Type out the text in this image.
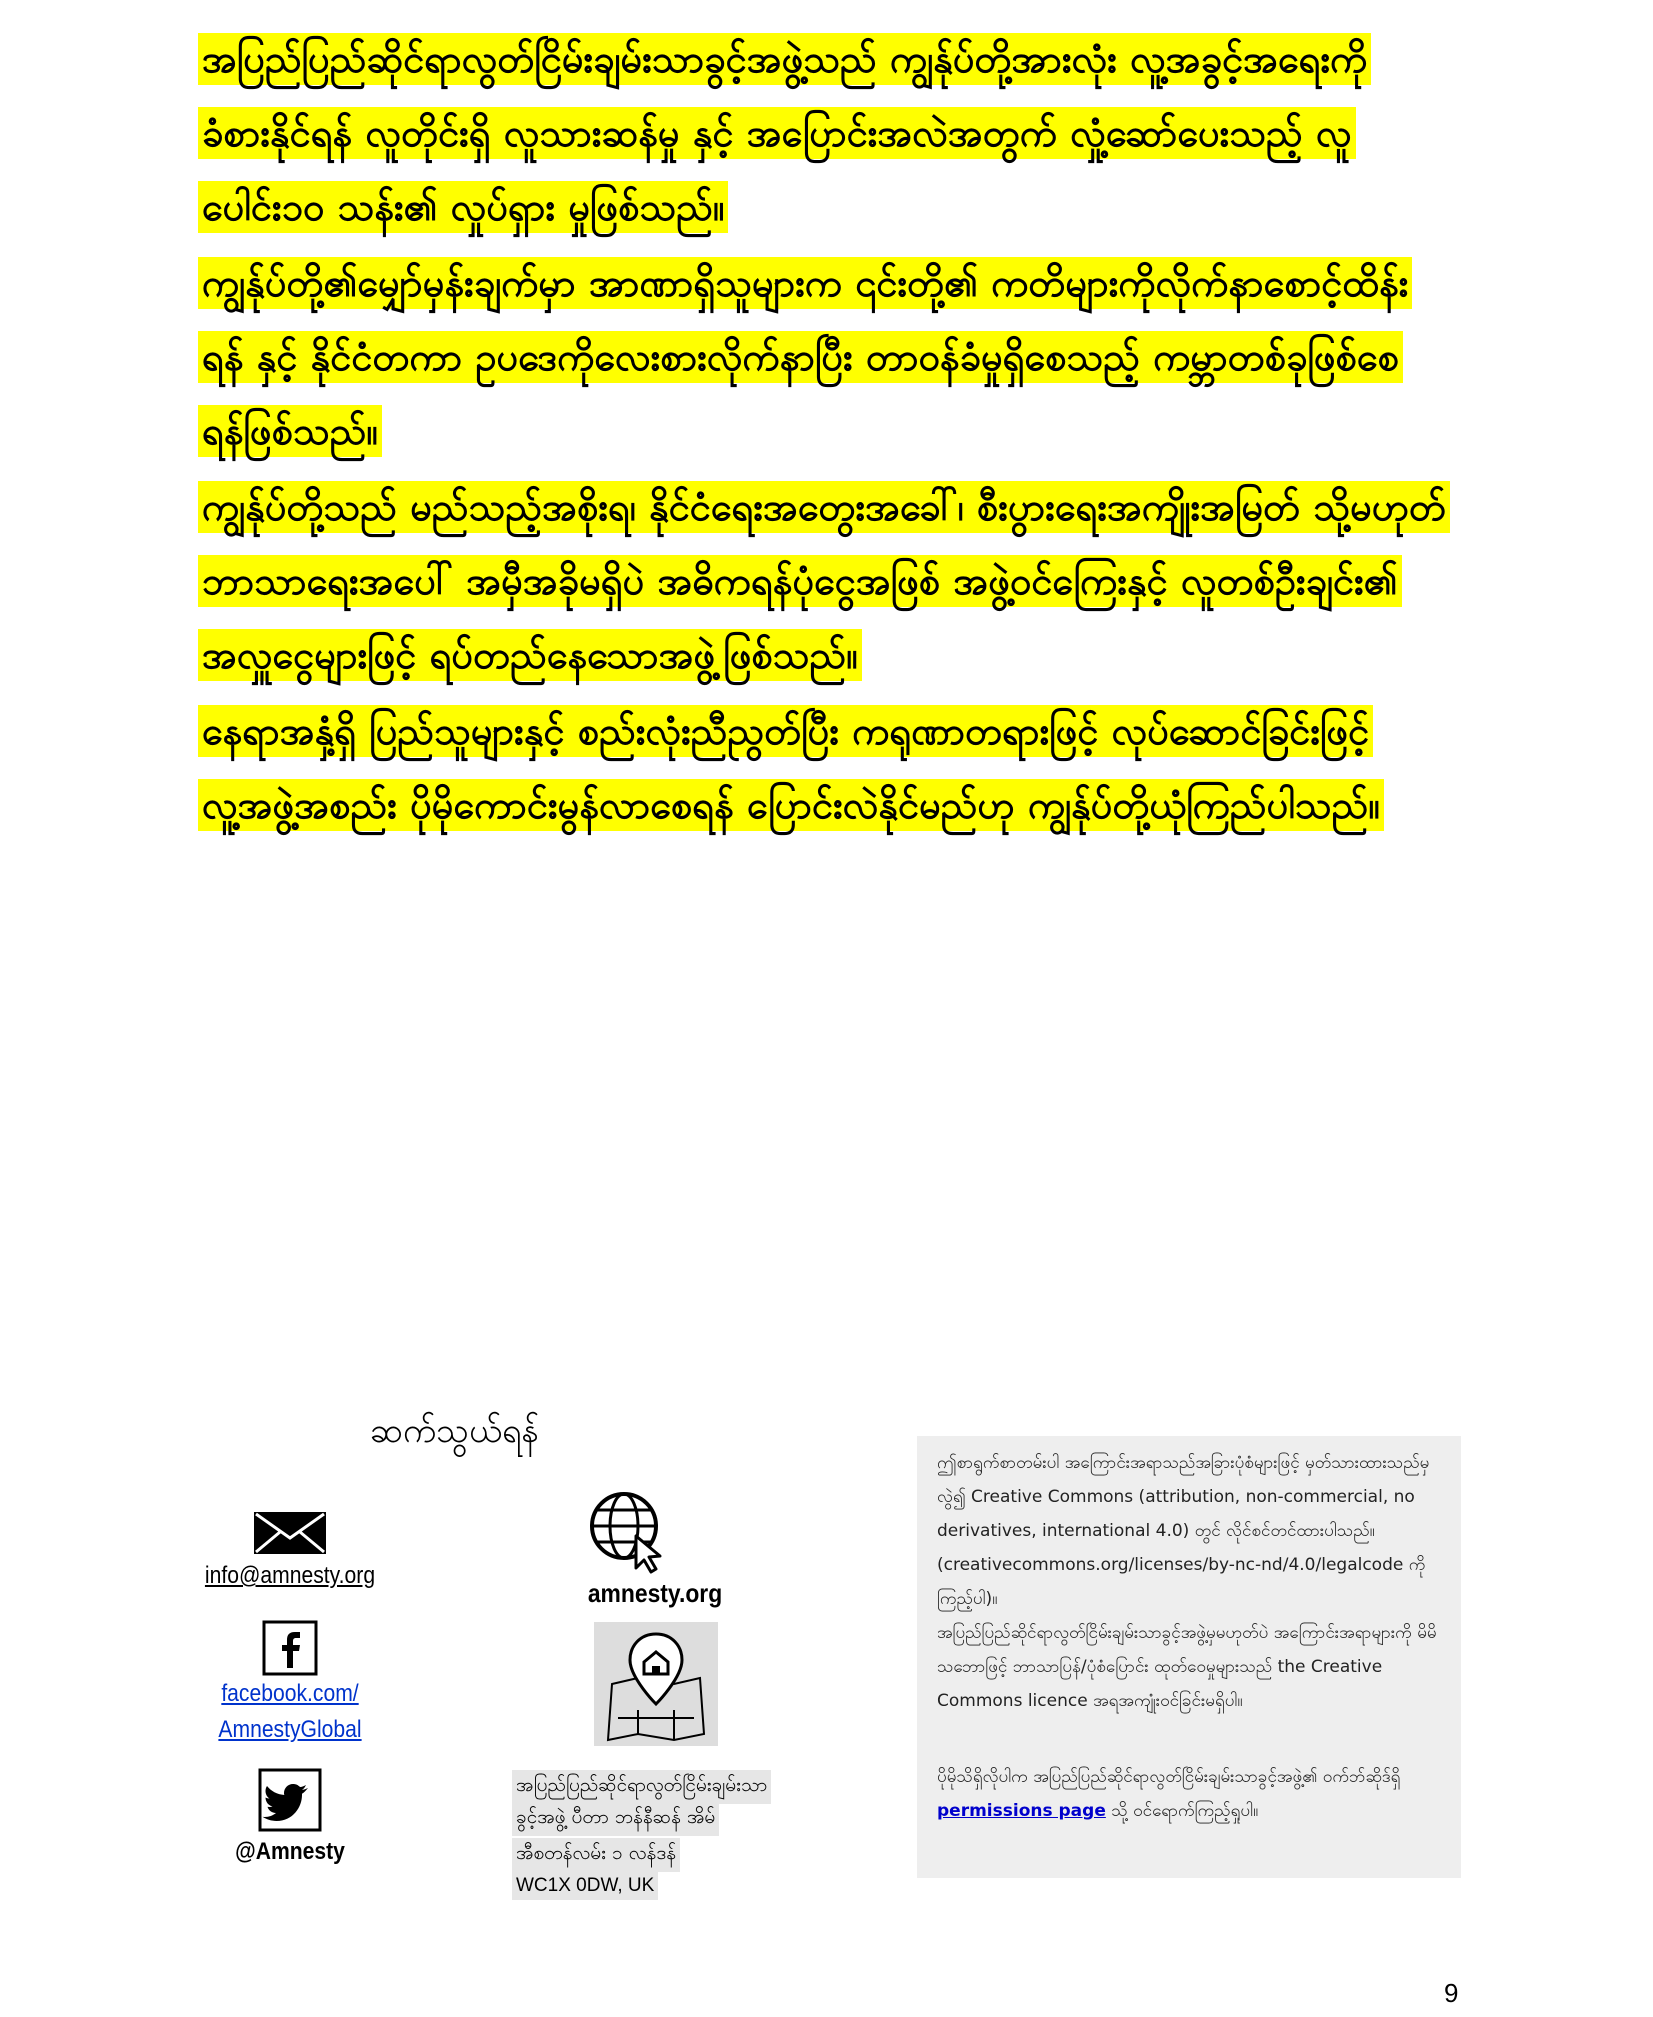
အပြည်ပြည်ဆိုင်ရာလွတ်ငြိမ်းချမ်းသာခွင့်အဖွဲ့သည် ကျွန်ုပ်တို့အားလုံး လူ့အခွင့်အရေးကို ခံစားနိုင်ရန် လူတိုင်းရှိ လူသားဆန်မှု နှင့် အပြောင်းအလဲအတွက် လှုံ့ဆော်ပေးသည့် လူ ပေါင်း၁၀ သန်း၏ လှုပ်ရှား မှုဖြစ်သည်။
ကျွန်ုပ်တို့၏မျှော်မှန်းချက်မှာ အာဏာရှိသူများက ၎င်းတို့၏ ကတိများကိုလိုက်နာစောင့်ထိန်းရန် နှင့် နိုင်ငံတကာ ဥပဒေကိုလေးစားလိုက်နာပြီး တာဝန်ခံမှုရှိစေသည့် ကမ္ဘာတစ်ခုဖြစ်စေရန်ဖြစ်သည်။
ကျွန်ုပ်တို့သည် မည်သည့်အစိုးရ၊ နိုင်ငံရေးအတွေးအခေါ်၊ စီးပွားရေးအကျိုးအမြတ် သို့မဟုတ် ဘာသာရေးအပေါ် အမှီအခိုမရှိပဲ အဓိကရန်ပုံငွေအဖြစ် အဖွဲ့ဝင်ကြေးနှင့် လူတစ်ဦးချင်း၏ အလှူငွေများဖြင့် ရပ်တည်နေသောအဖွဲ့ဖြစ်သည်။
နေရာအနှံ့ရှိ ပြည်သူများနှင့် စည်းလုံးညီညွတ်ပြီး ကရုဏာတရားဖြင့် လုပ်ဆောင်ခြင်းဖြင့် လူ့အဖွဲ့အစည်း ပိုမိုကောင်းမွန်လာစေရန် ပြောင်းလဲနိုင်မည်ဟု ကျွန်ုပ်တို့ယုံကြည်ပါသည်။
ဆက်သွယ်ရန်
info@amnesty.org
facebook.com/
AmnestyGlobal
@Amnesty
amnesty.org
အပြည်ပြည်ဆိုင်ရာလွတ်ငြိမ်းချမ်းသာ
ခွင့်အဖွဲ့ ပီတာ ဘန်နီဆန် အိမ်
အီစတန်လမ်း ၁ လန်ဒန်
WC1X 0DW, UK
ဤစာရွက်စာတမ်းပါ အကြောင်းအရာသည်အခြားပုံစံများဖြင့် မှတ်သားထားသည်မှလွဲ၍ Creative Commons (attribution, non-commercial, no derivatives, international 4.0) တွင် လိုင်စင်တင်ထားပါသည်။ (creativecommons.org/licenses/by-nc-nd/4.0/legalcode ကိုကြည့်ပါ)။
အပြည်ပြည်ဆိုင်ရာလွတ်ငြိမ်းချမ်းသာခွင့်အဖွဲ့မှမဟုတ်ပဲ အကြောင်းအရာများကို မိမိသဘောဖြင့် ဘာသာပြန်/ပုံစံပြောင်း ထုတ်ဝေမှုများသည် the Creative Commons licence အရအကျုံးဝင်ခြင်းမရှိပါ။
ပိုမိုသိရှိလိုပါက အပြည်ပြည်ဆိုင်ရာလွတ်ငြိမ်းချမ်းသာခွင့်အဖွဲ့၏ ဝက်ဘ်ဆိုဒ်ရှိ permissions page သို့ ဝင်ရောက်ကြည့်ရှုပါ။
9
